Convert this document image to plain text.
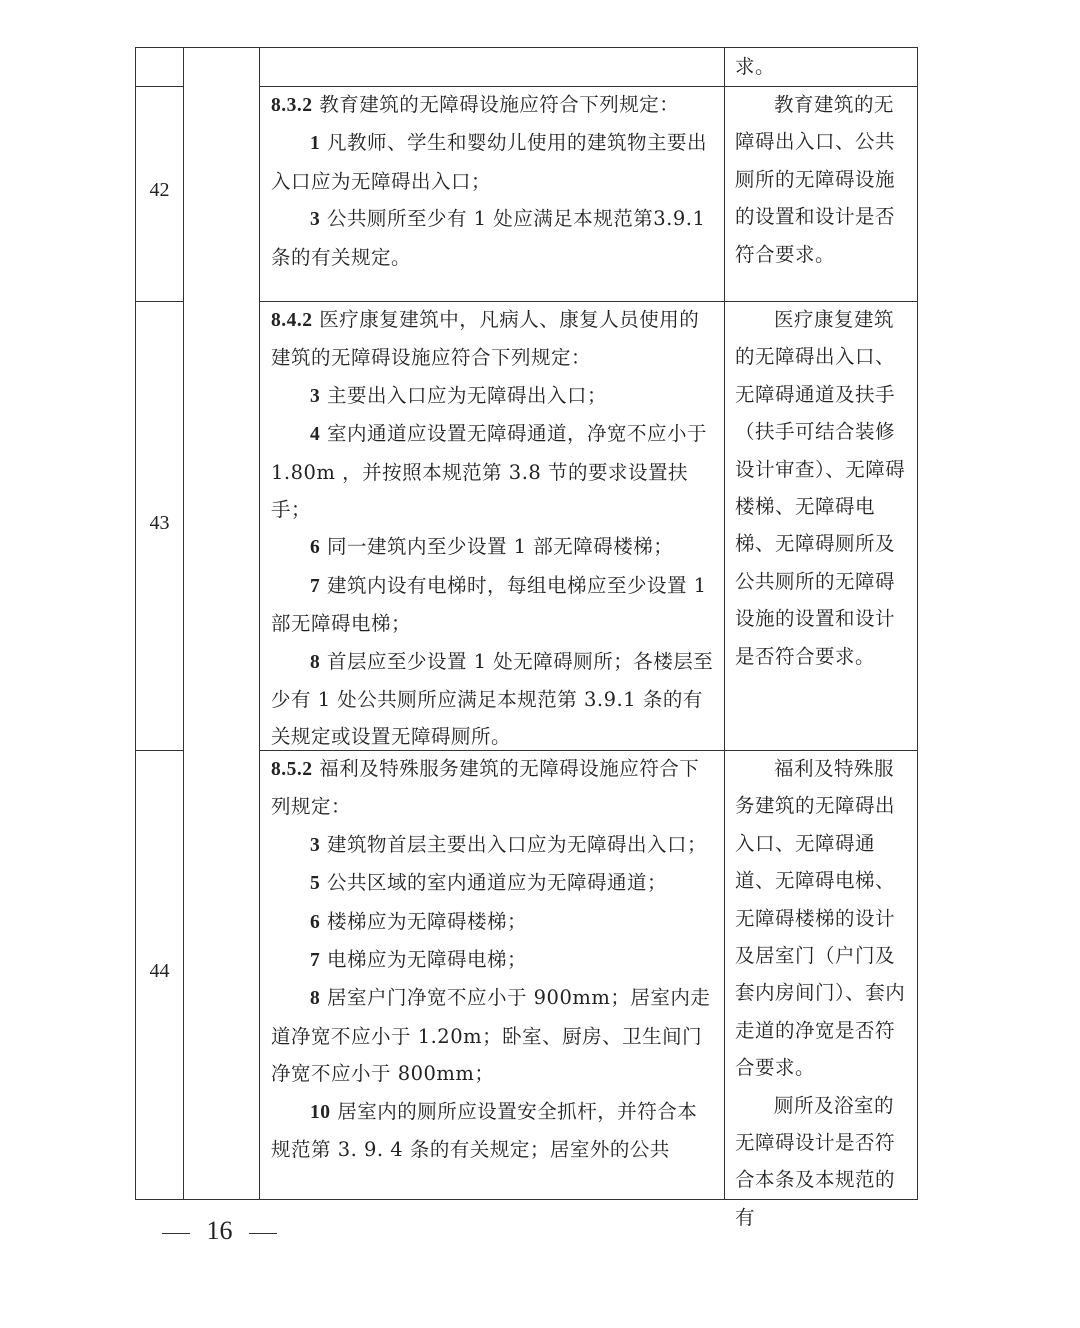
求。

42

8.3.2 教育建筑的无障碍设施应符合下列规定：

1 凡教师、学生和婴幼儿使用的建筑物主要出入口应为无障碍出入口；

3 公共厕所至少有 1 处应满足本规范第3.9.1 条的有关规定。

教育建筑的无障碍出入口、公共厕所的无障碍设施的设置和设计是否符合要求。
43

8.4.2 医疗康复建筑中，凡病人、康复人员使用的建筑的无障碍设施应符合下列规定：

3 主要出入口应为无障碍出入口；

4 室内通道应设置无障碍通道，净宽不应小于 1.80m ，并按照本规范第 3.8 节的要求设置扶手；

6 同一建筑内至少设置 1 部无障碍楼梯；

7 建筑内设有电梯时，每组电梯应至少设置 1 部无障碍电梯；

8 首层应至少设置 1 处无障碍厕所；各楼层至少有 1 处公共厕所应满足本规范第 3.9.1 条的有关规定或设置无障碍厕所。

医疗康复建筑的无障碍出入口、无障碍通道及扶手（扶手可结合装修设计审查）、无障碍楼梯、无障碍电梯、无障碍厕所及公共厕所的无障碍设施的设置和设计是否符合要求。
44

8.5.2 福利及特殊服务建筑的无障碍设施应符合下列规定：

3 建筑物首层主要出入口应为无障碍出入口；

5 公共区域的室内通道应为无障碍通道；

6 楼梯应为无障碍楼梯；

7 电梯应为无障碍电梯；

8 居室户门净宽不应小于 900mm；居室内走道净宽不应小于 1.20m；卧室、厨房、卫生间门净宽不应小于 800mm；

10 居室内的厕所应设置安全抓杆，并符合本规范第 3. 9. 4 条的有关规定；居室外的公共

福利及特殊服务建筑的无障碍出入口、无障碍通道、无障碍电梯、无障碍楼梯的设计及居室门（户门及套内房间门）、套内走道的净宽是否符合要求。

厕所及浴室的无障碍设计是否符合本条及本规范的有

16
